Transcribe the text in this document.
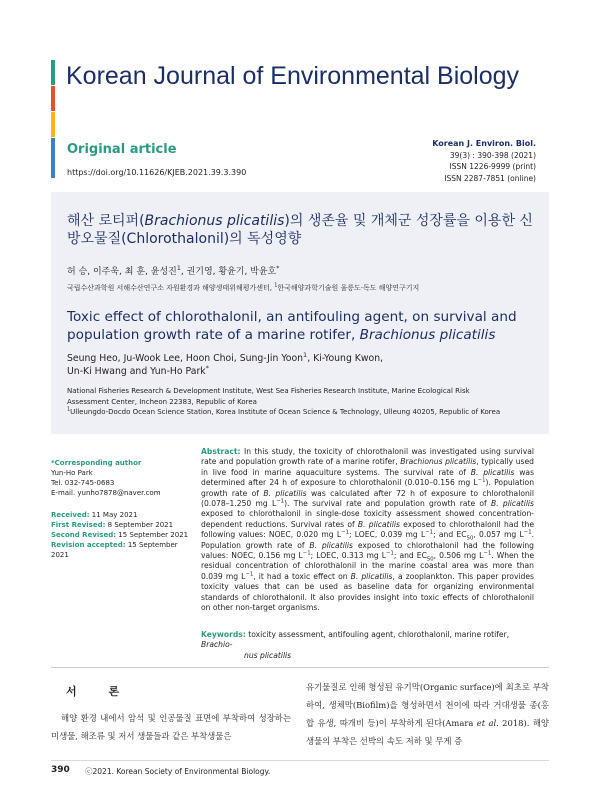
Korean Journal of Environmental Biology
Original article
https://doi.org/10.11626/KJEB.2021.39.3.390
Korean J. Environ. Biol.
39(3) : 390-398 (2021)
ISSN 1226-9999 (print)
ISSN 2287-7851 (online)
해산 로티퍼(Brachionus plicatilis)의 생존율 및 개체군 성장률을 이용한 신방오물질(Chlorothalonil)의 독성영향
허 승, 이주욱, 최 훈, 윤성진$^1$, 권기영, 황윤기, 박윤호*
국립수산과학원 서해수산연구소 자원환경과 해양생태위해평가센터, $^1$한국해양과학기술원 울릉도·독도 해양연구기지
Toxic effect of chlorothalonil, an antifouling agent, on survival and population growth rate of a marine rotifer, Brachionus plicatilis
Seung Heo, Ju-Wook Lee, Hoon Choi, Sung-Jin Yoon$^1$, Ki-Young Kwon,
Un-Ki Hwang and Yun-Ho Park*
National Fisheries Research & Development Institute, West Sea Fisheries Research Institute, Marine Ecological Risk
Assessment Center, Incheon 22383, Republic of Korea
$^1$Ulleungdo-Docdo Ocean Science Station, Korea Institute of Ocean Science & Technology, Ulleung 40205, Republic of Korea
*Corresponding author
Yun-Ho Park
Tel. 032-745-0683
E-mail. yunho7878@naver.com
Received: 11 May 2021
First Revised: 8 September 2021
Second Revised: 15 September 2021
Revision accepted: 15 September 2021

Abstract: In this study, the toxicity of chlorothalonil was investigated using survival rate and population growth rate of a marine rotifer, Brachionus plicatilis, typically used in live food in marine aquaculture systems. The survival rate of B. plicatilis was determined after 24 h of exposure to chlorothalonil (0.010–0.156 mg $L^{-1}$). Population growth rate of B. plicatilis was calculated after 72 h of exposure to chlorothalonil (0.078–1.250 mg $L^{-1}$). The survival rate and population growth rate of B. plicatilis exposed to chlorothalonil in single-dose toxicity assessment showed concentration-dependent reductions. Survival rates of B. plicatilis exposed to chlorothalonil had the following values: NOEC, 0.020 mg $L^{-1}$; LOEC, 0.039 mg $L^{-1}$; and $EC_{50}$, 0.057 mg $L^{-1}$. Population growth rate of B. plicatilis exposed to chlorothalonil had the following values: NOEC, 0.156 mg $L^{-1}$; LOEC, 0.313 mg $L^{-1}$; and $EC_{50}$, 0.506 mg $L^{-1}$. When the residual concentration of chlorothalonil in the marine coastal area was more than 0.039 mg $L^{-1}$, it had a toxic effect on B. plicatilis, a zooplankton. This paper provides toxicity values that can be used as baseline data for organizing environmental standards of chlorothalonil. It also provides insight into toxic effects of chlorothalonil on other non-target organisms.

Keywords: toxicity assessment, antifouling agent, chlorothalonil, marine rotifer, Brachio-
nus plicatilis
서 론
해양 환경 내에서 암석 및 인공물질 표면에 부착하여 성장하는 미생물, 해조류 및 저서 생물들과 같은 부착생물은
유기물질로 인해 형성된 유기막(Organic surface)에 최초로 부착하여, 생체막(Biofilm)을 형성하면서 천이에 따라 거대생물 종(홍합 유생, 따개비 등)이 부착하게 된다(Amara et al. 2018). 해양생물의 부착은 선박의 속도 저하 및 무게 증
390 ⓒ2021. Korean Society of Environmental Biology.
